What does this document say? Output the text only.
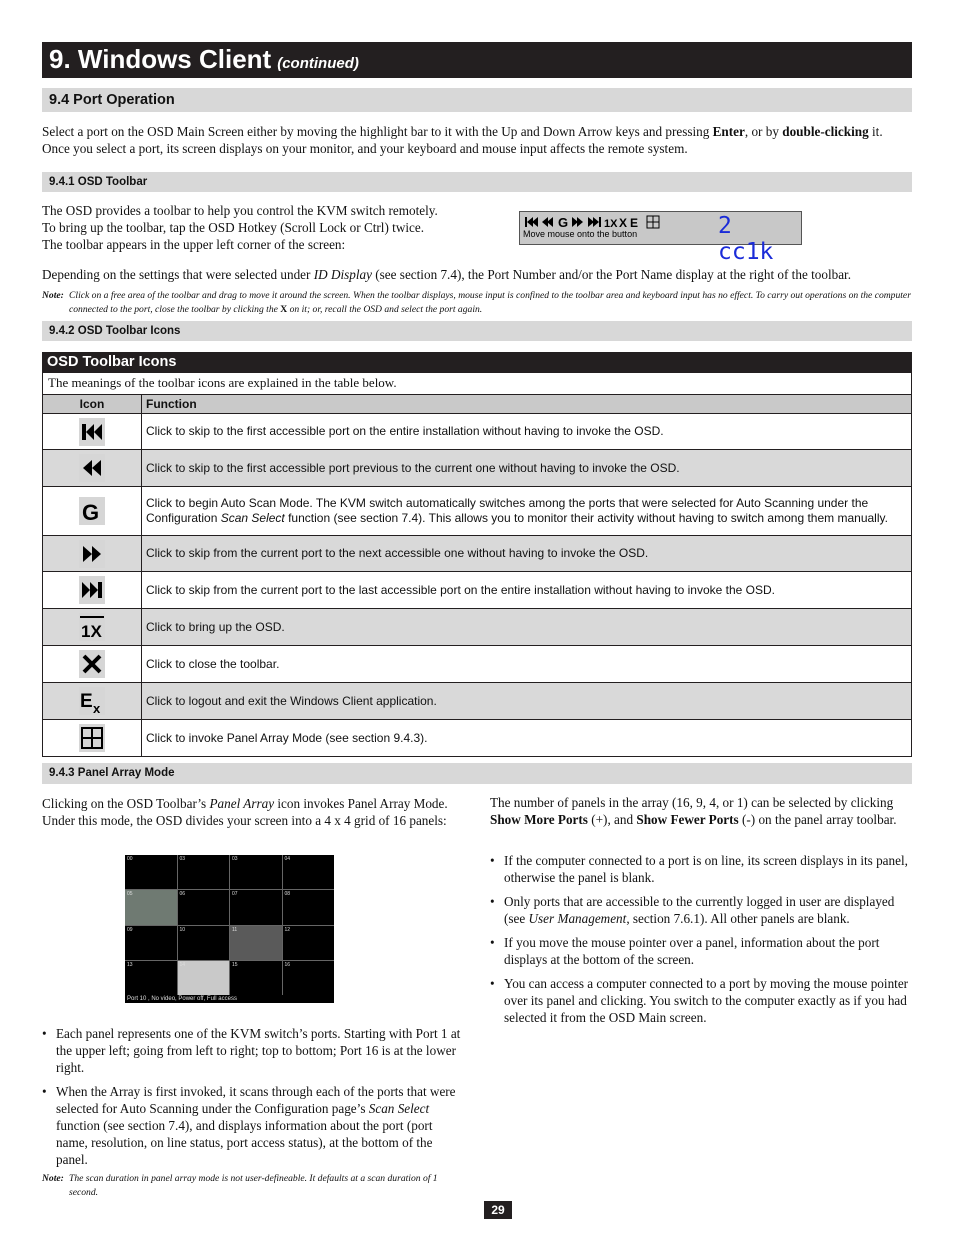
9. Windows Client (continued)
9.4 Port Operation
Select a port on the OSD Main Screen either by moving the highlight bar to it with the Up and Down Arrow keys and pressing Enter, or by double-clicking it. Once you select a port, its screen displays on your monitor, and your keyboard and mouse input affects the remote system.
9.4.1 OSD Toolbar
The OSD provides a toolbar to help you control the KVM switch remotely.
To bring up the toolbar, tap the OSD Hotkey (Scroll Lock or Ctrl) twice.
The toolbar appears in the upper left corner of the screen:
G	1X X E
Move mouse onto the button	2 cc1k
Depending on the settings that were selected under ID Display (see section 7.4), the Port Number and/or the Port Name display at the right of the toolbar.
Note: Click on a free area of the toolbar and drag to move it around the screen. When the toolbar displays, mouse input is confined to the toolbar area and keyboard input has no effect. To carry out operations on the computer connected to the port, close the toolbar by clicking the X on it; or, recall the OSD and select the port again.
9.4.2 OSD Toolbar Icons
OSD Toolbar Icons
The meanings of the toolbar icons are explained in the table below.
Icon	Function

	Click to skip to the first accessible port on the entire installation without having to invoke the OSD.

	Click to skip to the first accessible port previous to the current one without having to invoke the OSD.

G	Click to begin Auto Scan Mode. The KVM switch automatically switches among the ports that were selected for Auto Scanning under the Configuration Scan Select function (see section 7.4). This allows you to monitor their activity without having to switch among them manually.

	Click to skip from the current port to the next accessible one without having to invoke the OSD.

	Click to skip from the current port to the last accessible port on the entire installation without having to invoke the OSD.

1X	Click to bring up the OSD.

	Click to close the toolbar.

E x	Click to logout and exit the Windows Client application.

	Click to invoke Panel Array Mode (see section 9.4.3).
9.4.3 Panel Array Mode
Clicking on the OSD Toolbar’s Panel Array icon invokes Panel Array Mode. Under this mode, the OSD divides your screen into a 4 x 4 grid of 16 panels:
00	03	03	04
05	06	07	08
09	10	11	12
13	14	15	16
Port 10 , No video, Power off, Full access
• Each panel represents one of the KVM switch’s ports. Starting with Port 1 at the upper left; going from left to right; top to bottom; Port 16 is at the lower right.
• When the Array is first invoked, it scans through each of the ports that were selected for Auto Scanning under the Configuration page’s Scan Select function (see section 7.4), and displays information about the port (port name, resolution, on line status, port access status), at the bottom of the panel.
Note: The scan duration in panel array mode is not user-defineable. It defaults at a scan duration of 1 second.
The number of panels in the array (16, 9, 4, or 1) can be selected by clicking Show More Ports (+), and Show Fewer Ports (-) on the panel array toolbar.
• If the computer connected to a port is on line, its screen displays in its panel, otherwise the panel is blank.
• Only ports that are accessible to the currently logged in user are displayed (see User Management, section 7.6.1). All other panels are blank.
• If you move the mouse pointer over a panel, information about the port displays at the bottom of the screen.
• You can access a computer connected to a port by moving the mouse pointer over its panel and clicking. You switch to the computer exactly as if you had selected it from the OSD Main screen.
29
